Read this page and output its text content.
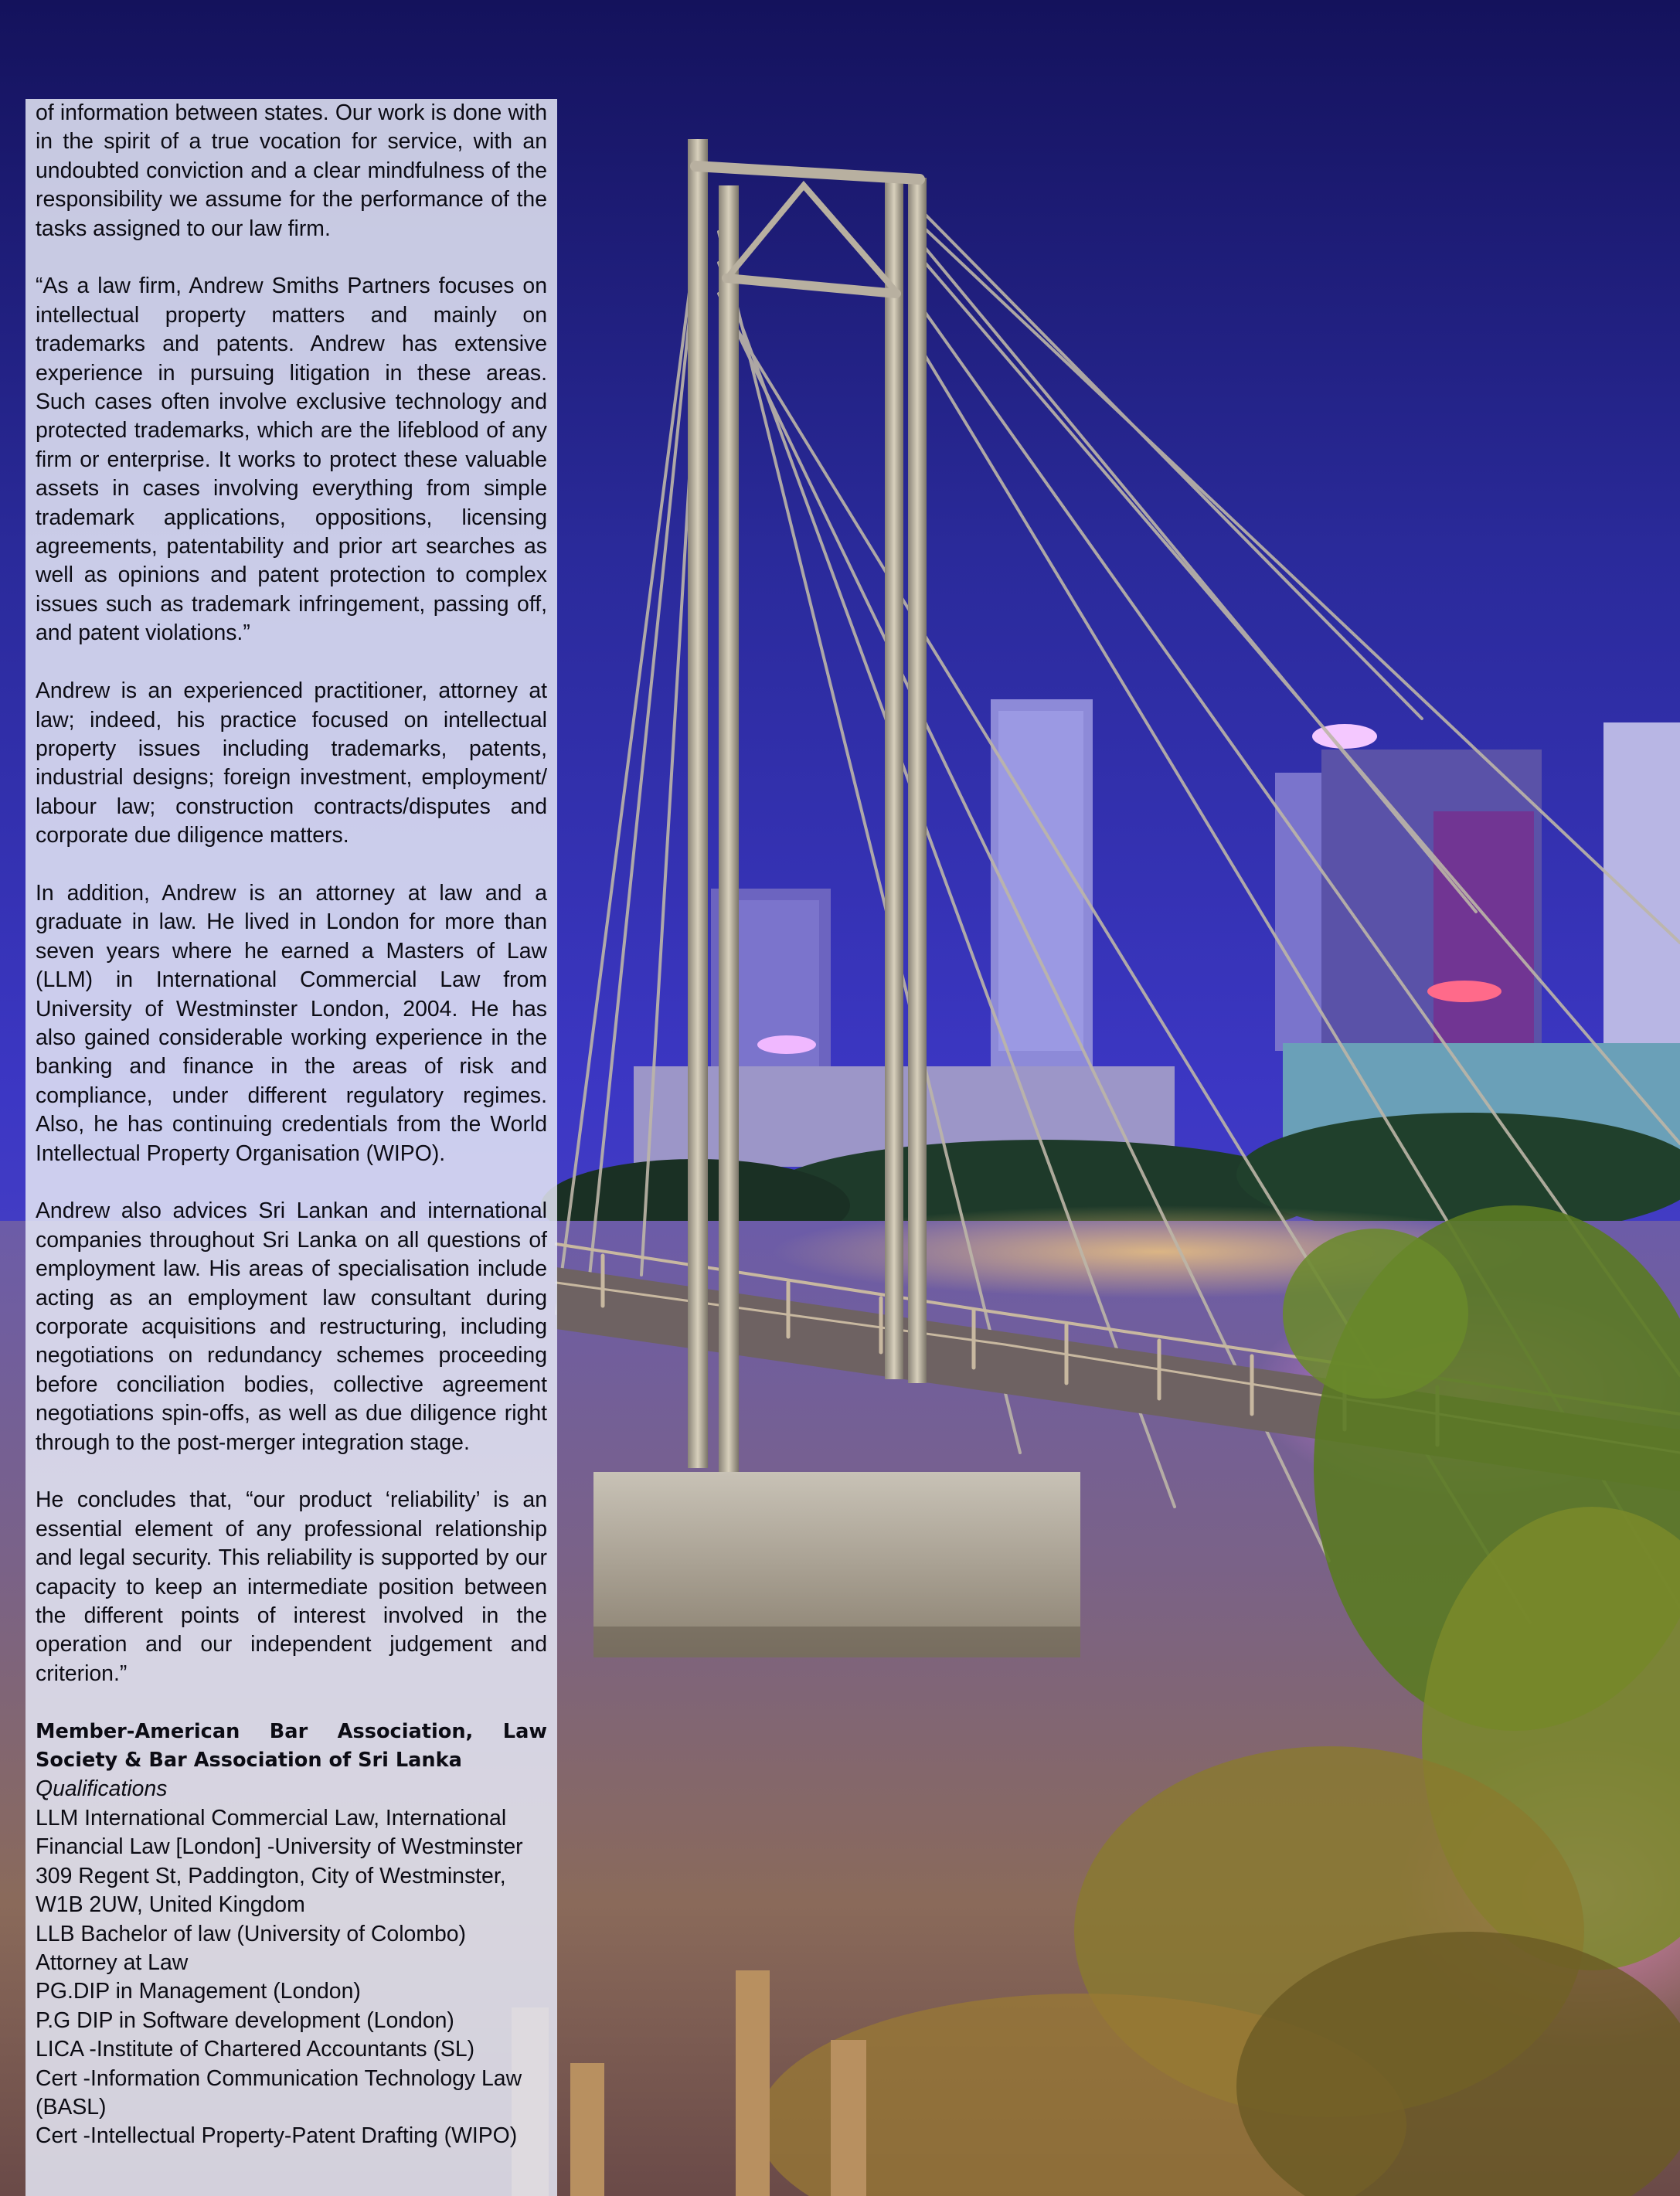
of information between states. Our work is done with in the spirit of a true vocation for service, with an undoubted conviction and a clear mindfulness of the responsibility we assume for the performance of the tasks assigned to our law firm.

“As a law firm, Andrew Smiths Partners focuses on intellectual property matters and mainly on trademarks and patents. Andrew has extensive experience in pursuing litigation in these areas. Such cases often involve exclusive technology and protected trademarks, which are the lifeblood of any firm or enterprise. It works to protect these valuable assets in cases involving everything from simple trademark applications, oppositions, licensing agreements, patentability and prior art searches as well as opinions and patent protection to complex issues such as trademark infringement, passing off, and patent violations.”

Andrew is an experienced practitioner, attorney at law; indeed, his practice focused on intellectual property issues including trademarks, patents, industrial designs; foreign investment, employment/ labour law; construction contracts/disputes and corporate due diligence matters.

In addition, Andrew is an attorney at law and a graduate in law. He lived in London for more than seven years where he earned a Masters of Law (LLM) in International Commercial Law from University of Westminster London, 2004. He has also gained considerable working experience in the banking and finance in the areas of risk and compliance, under different regulatory regimes. Also, he has continuing credentials from the World Intellectual Property Organisation (WIPO).

Andrew also advices Sri Lankan and international companies throughout Sri Lanka on all questions of employment law. His areas of specialisation include acting as an employment law consultant during corporate acquisitions and restructuring, including negotiations on redundancy schemes proceeding before conciliation bodies, collective agreement negotiations spin-offs, as well as due diligence right through to the post-merger integration stage.

He concludes that, “our product ‘reliability’ is an essential element of any professional relationship and legal security. This reliability is supported by our capacity to keep an intermediate position between the different points of interest involved in the operation and our independent judgement and criterion.”

Member-American Bar Association, Law Society & Bar Association of Sri Lanka
Qualifications
LLM International Commercial Law, International Financial Law [London] -University of Westminster 309 Regent St, Paddington, City of Westminster, W1B 2UW, United Kingdom
LLB Bachelor of law (University of Colombo)
Attorney at Law
PG.DIP in Management (London)
P.G DIP in Software development (London)
LICA -Institute of Chartered Accountants (SL)
Cert -Information Communication Technology Law (BASL)
Cert -Intellectual Property-Patent Drafting (WIPO)
